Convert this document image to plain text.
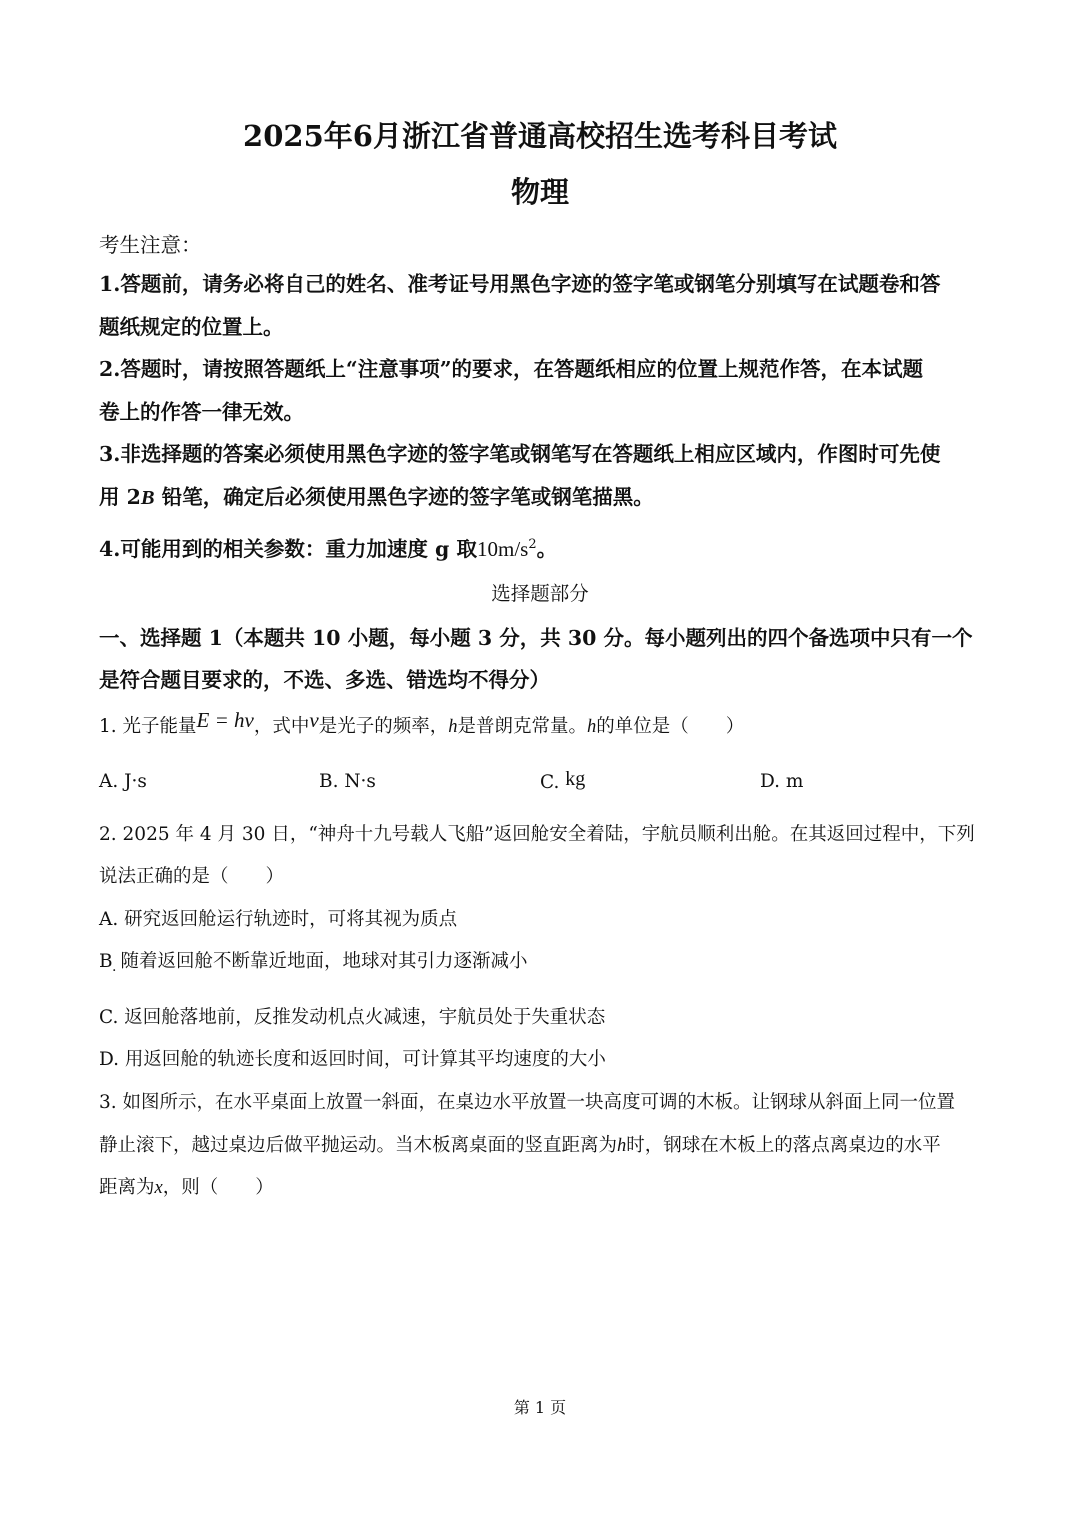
2025年6月浙江省普通高校招生选考科目考试
物理
考生注意：
1.答题前，请务必将自己的姓名、准考证号用黑色字迹的签字笔或钢笔分别填写在试题卷和答
题纸规定的位置上。
2.答题时，请按照答题纸上“注意事项”的要求，在答题纸相应的位置上规范作答，在本试题
卷上的作答一律无效。
3.非选择题的答案必须使用黑色字迹的签字笔或钢笔写在答题纸上相应区域内，作图时可先使
用 2B 铅笔，确定后必须使用黑色字迹的签字笔或钢笔描黑。
4.可能用到的相关参数：重力加速度 g 取$10m/s^2$。
选择题部分
一、选择题 1（本题共 10 小题，每小题 3 分，共 30 分。每小题列出的四个备选项中只有一个
是符合题目要求的，不选、多选、错选均不得分）
1. 光子能量E = hν，式中ν是光子的频率，h是普朗克常量。h的单位是（　　）
A. J·s	B. N·s	C. kg	D. m
2. 2025 年 4 月 30 日，“神舟十九号载人飞船”返回舱安全着陆，宇航员顺利出舱。在其返回过程中，下列
说法正确的是（　　）
A. 研究返回舱运行轨迹时，可将其视为质点
B . 随着返回舱不断靠近地面，地球对其引力逐渐减小
C. 返回舱落地前，反推发动机点火减速，宇航员处于失重状态
D. 用返回舱的轨迹长度和返回时间，可计算其平均速度的大小
3. 如图所示，在水平桌面上放置一斜面，在桌边水平放置一块高度可调的木板。让钢球从斜面上同一位置
静止滚下，越过桌边后做平抛运动。当木板离桌面的竖直距离为h时，钢球在木板上的落点离桌边的水平
距离为x，则（　　）
第 1 页
